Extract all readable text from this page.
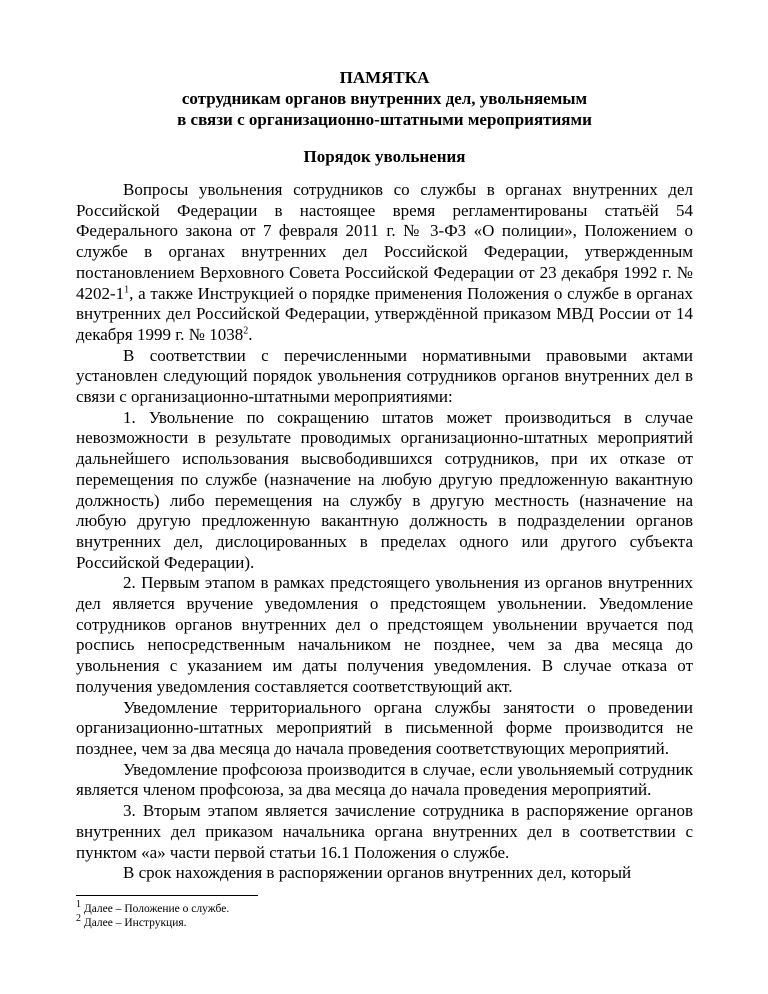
ПАМЯТКА
сотрудникам органов внутренних дел, увольняемым
в связи с организационно-штатными мероприятиями
Порядок увольнения

Вопросы увольнения сотрудников со службы в органах внутренних дел Российской Федерации в настоящее время регламентированы статьёй 54 Федерального закона от 7 февраля 2011 г. № 3-ФЗ «О полиции», Положением о службе в органах внутренних дел Российской Федерации, утвержденным постановлением Верховного Совета Российской Федерации от 23 декабря 1992 г. № $4202-1^1$, а также Инструкцией о порядке применения Положения о службе в органах внутренних дел Российской Федерации, утверждённой приказом МВД России от 14 декабря 1999 г. № 1038$^2$.

В соответствии с перечисленными нормативными правовыми актами установлен следующий порядок увольнения сотрудников органов внутренних дел в связи с организационно-штатными мероприятиями:

1. Увольнение по сокращению штатов может производиться в случае невозможности в результате проводимых организационно-штатных мероприятий дальнейшего использования высвободившихся сотрудников, при их отказе от перемещения по службе (назначение на любую другую предложенную вакантную должность) либо перемещения на службу в другую местность (назначение на любую другую предложенную вакантную должность в подразделении органов внутренних дел, дислоцированных в пределах одного или другого субъекта Российской Федерации).

2. Первым этапом в рамках предстоящего увольнения из органов внутренних дел является вручение уведомления о предстоящем увольнении. Уведомление сотрудников органов внутренних дел о предстоящем увольнении вручается под роспись непосредственным начальником не позднее, чем за два месяца до увольнения с указанием им даты получения уведомления. В случае отказа от получения уведомления составляется соответствующий акт.

Уведомление территориального органа службы занятости о проведении организационно-штатных мероприятий в письменной форме производится не позднее, чем за два месяца до начала проведения соответствующих мероприятий.

Уведомление профсоюза производится в случае, если увольняемый сотрудник является членом профсоюза, за два месяца до начала проведения мероприятий.

3. Вторым этапом является зачисление сотрудника в распоряжение органов внутренних дел приказом начальника органа внутренних дел в соответствии с пунктом «а» части первой статьи 16.1 Положения о службе.

В срок нахождения в распоряжении органов внутренних дел, который

$^1$ Далее – Положение о службе.
$^2$ Далее – Инструкция.
